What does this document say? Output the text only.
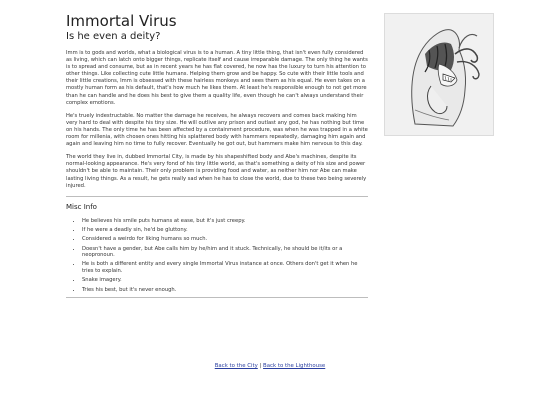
Immortal Virus
Is he even a deity?

Imm is to gods and worlds, what a biological virus is to a human. A tiny little thing, that isn't even fully considered as living, which can latch onto bigger things, replicate itself and cause irreparable damage. The only thing he wants is to spread and consume, but as in recent years he has flat covered, he now has the luxury to turn his attention to other things. Like collecting cute little humans. Helping them grow and be happy. So cute with their little tools and their little creations, Imm is obsessed with these hairless monkeys and sees them as his equal. He even takes on a mostly human form as his default, that's how much he likes them. At least he's responsible enough to not get more than he can handle and he does his best to give them a quality life, even though he can't always understand their complex emotions.

He's truely indestructable. No matter the damage he receives, he always recovers and comes back making him very hard to deal with despite his tiny size. He will outlive any prison and outlast any god, he has nothing but time on his hands. The only time he has been affected by a containment procedure, was when he was trapped in a white room for millenia, with chosen ones hitting his splattered body with hammers repeatedly, damaging him again and again and leaving him no time to fully recover. Eventually he got out, but hammers make him nervous to this day.

The world they live in, dubbed Immortal City, is made by his shapeshifted body and Abe's machines, despite its normal-looking appearance. He's very fond of his tiny little world, as that's something a deity of his size and power shouldn't be able to maintain. Their only problem is providing food and water, as neither him nor Abe can make lasting living things. As a result, he gets really sad when he has to close the world, due to these two being severely injured.

Misc Info
• He believes his smile puts humans at ease, but it's just creepy.
• If he were a deadly sin, he'd be gluttony.
• Considered a weirdo for liking humans so much.
• Doesn't have a gender, but Abe calls him by he/him and it stuck. Technically, he should be it/its or a neopronoun.
• He is both a different entity and every single Immortal Virus instance at once. Others don't get it when he tries to explain.
• Snake imagery.
• Tries his best, but it's never enough.
Back to the City | Back to the Lighthouse
